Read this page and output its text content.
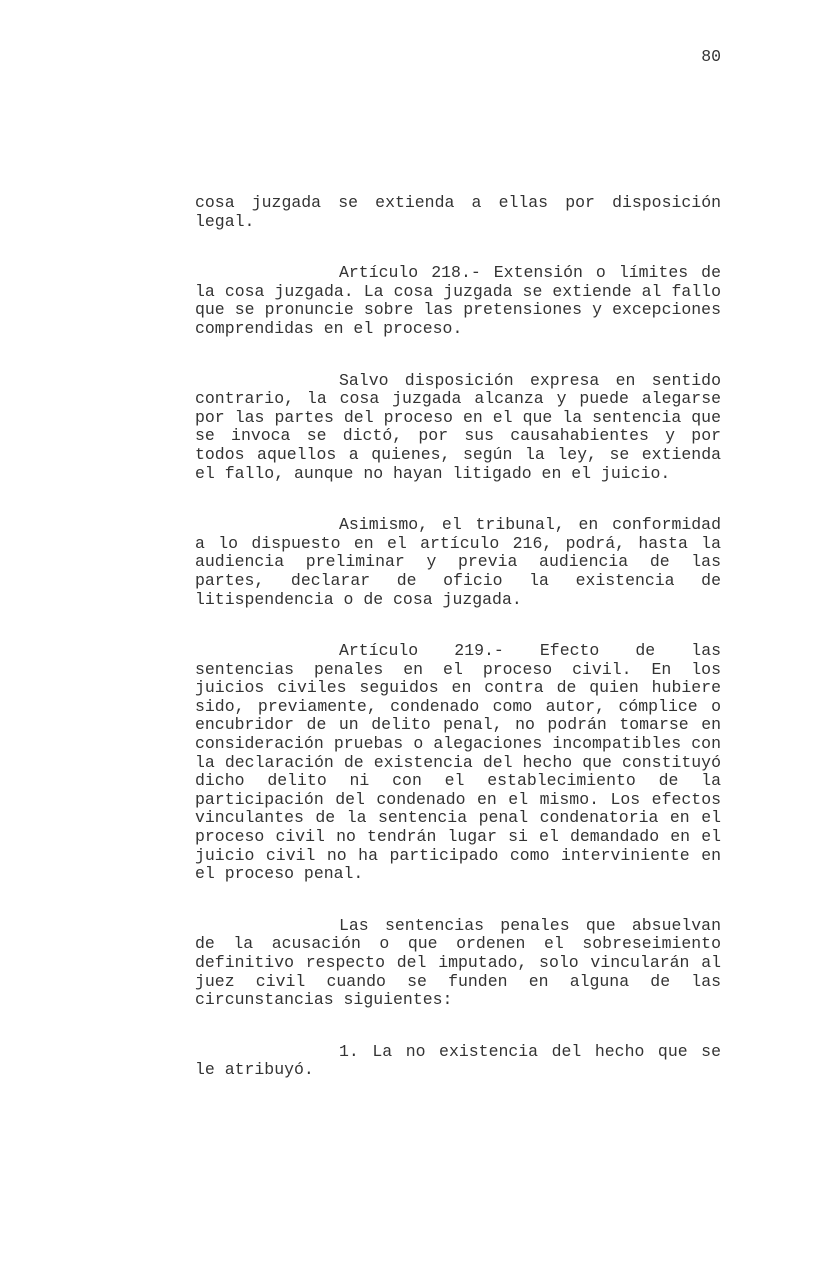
80

cosa juzgada se extienda a ellas por disposición legal.

Artículo 218.- Extensión o límites de la cosa juzgada. La cosa juzgada se extiende al fallo que se pronuncie sobre las pretensiones y excepciones comprendidas en el proceso.

Salvo disposición expresa en sentido contrario, la cosa juzgada alcanza y puede alegarse por las partes del proceso en el que la sentencia que se invoca se dictó, por sus causahabientes y por todos aquellos a quienes, según la ley, se extienda el fallo, aunque no hayan litigado en el juicio.

Asimismo, el tribunal, en conformidad a lo dispuesto en el artículo 216, podrá, hasta la audiencia preliminar y previa audiencia de las partes, declarar de oficio la existencia de litispendencia o de cosa juzgada.

Artículo 219.- Efecto de las sentencias penales en el proceso civil. En los juicios civiles seguidos en contra de quien hubiere sido, previamente, condenado como autor, cómplice o encubridor de un delito penal, no podrán tomarse en consideración pruebas o alegaciones incompatibles con la declaración de existencia del hecho que constituyó dicho delito ni con el establecimiento de la participación del condenado en el mismo. Los efectos vinculantes de la sentencia penal condenatoria en el proceso civil no tendrán lugar si el demandado en el juicio civil no ha participado como interviniente en el proceso penal.

Las sentencias penales que absuelvan de la acusación o que ordenen el sobreseimiento definitivo respecto del imputado, solo vincularán al juez civil cuando se funden en alguna de las circunstancias siguientes:

1. La no existencia del hecho que se le atribuyó.
